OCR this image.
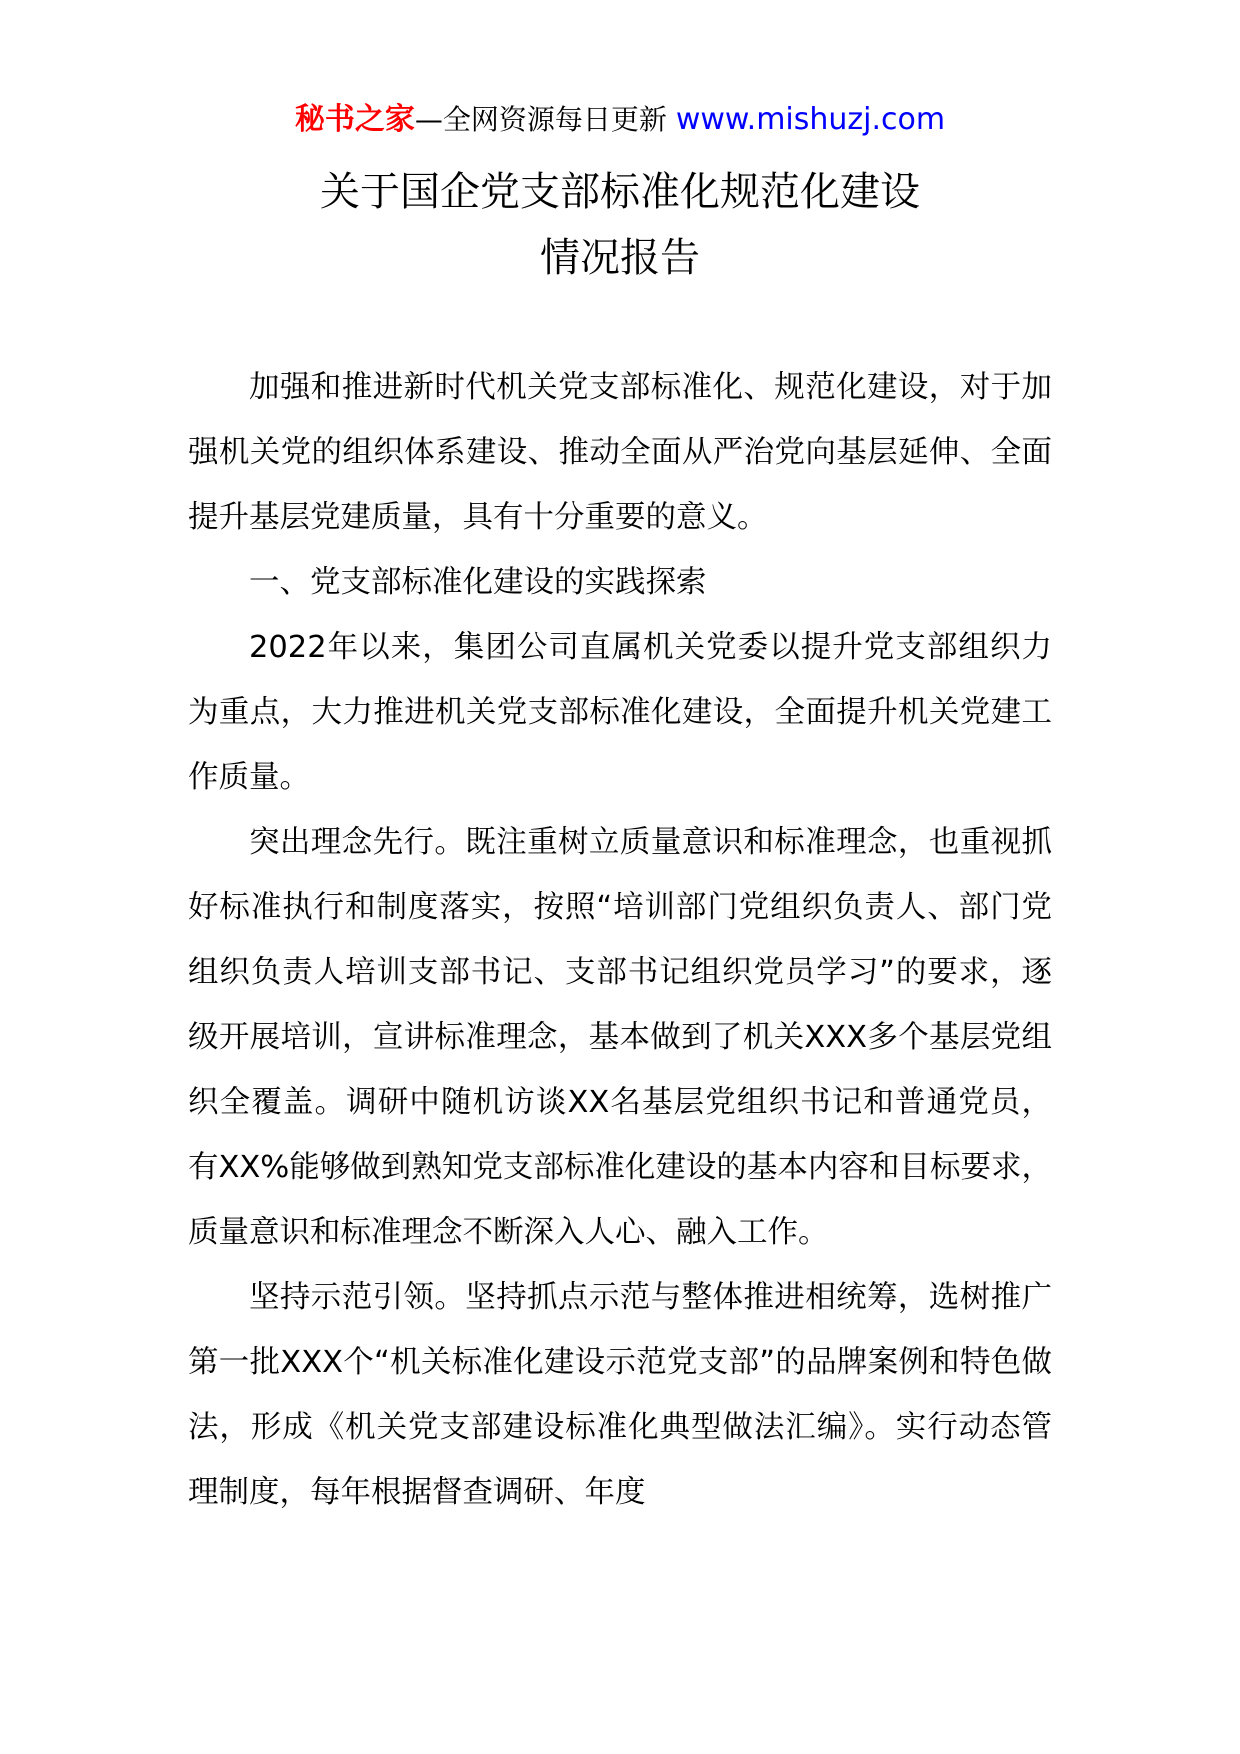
秘书之家—全网资源每日更新 www.mishuzj.com
关于国企党支部标准化规范化建设
情况报告

加强和推进新时代机关党支部标准化、规范化建设，对于加强机关党的组织体系建设、推动全面从严治党向基层延伸、全面提升基层党建质量，具有十分重要的意义。

一、党支部标准化建设的实践探索

2022年以来，集团公司直属机关党委以提升党支部组织力为重点，大力推进机关党支部标准化建设，全面提升机关党建工作质量。

突出理念先行。既注重树立质量意识和标准理念，也重视抓好标准执行和制度落实，按照“培训部门党组织负责人、部门党组织负责人培训支部书记、支部书记组织党员学习”的要求，逐级开展培训，宣讲标准理念，基本做到了机关XXX多个基层党组织全覆盖。调研中随机访谈XX名基层党组织书记和普通党员，有XX%能够做到熟知党支部标准化建设的基本内容和目标要求，质量意识和标准理念不断深入人心、融入工作。

坚持示范引领。坚持抓点示范与整体推进相统筹，选树推广第一批XXX个“机关标准化建设示范党支部”的品牌案例和特色做法，形成《机关党支部建设标准化典型做法汇编》。实行动态管理制度，每年根据督查调研、年度
